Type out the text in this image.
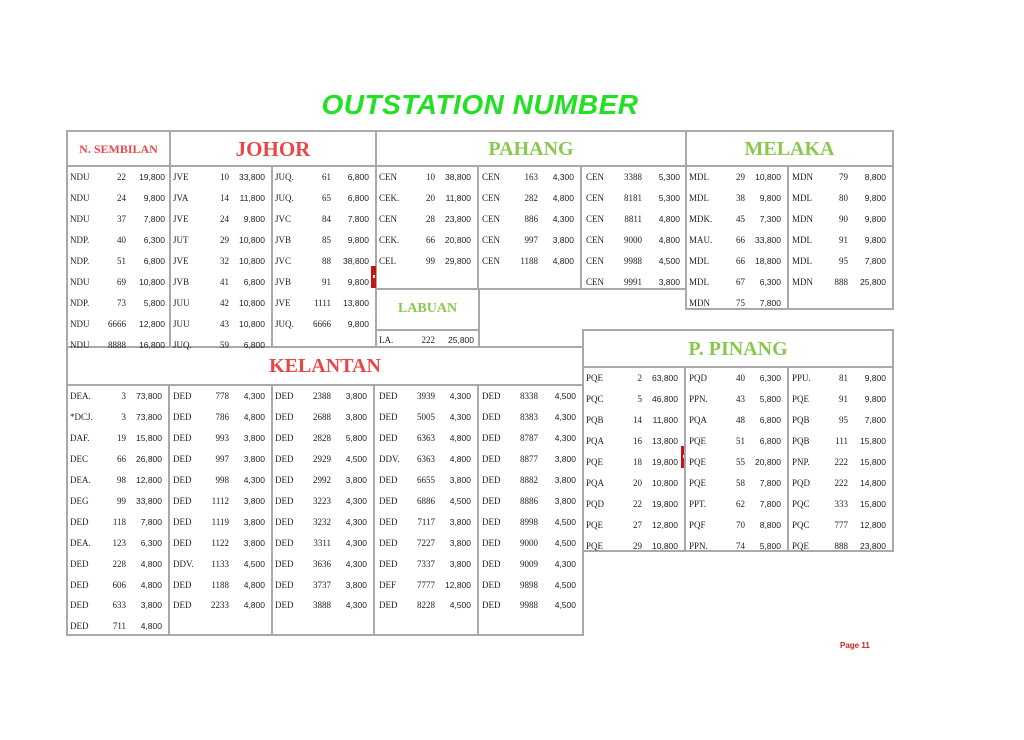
OUTSTATION NUMBER
N. SEMBILAN	JOHOR	PAHANG	MELAKA
LABUAN
KELANTAN
P. PINANG
Page 11
NDU	22	19,800
NDU	24	9,800
NDU	37	7,800
NDP.	40	6,300
NDP.	51	6,800
NDU	69	10,800
NDP.	73	5,800
NDU	6666	12,800
NDU	8888	16,800
JVE	10	33,800
JVA	14	11,800
JVE	24	9,800
JUT	29	10,800
JVE	32	10,800
JVB	41	6,800
JUU	42	10,800
JUU	43	10,800
JUQ.	59	6,800
JUQ.	61	6,800
JUQ.	65	6,800
JVC	84	7,800
JVB	85	9,800
JVC	88	38,800
JVB	91	9,800
JVE	1111	13,800
JUQ.	6666	9,800
CEN	10	38,800
CEK.	20	11,800
CEN	28	23,800
CEK.	66	20,800
CEL	99	29,800
CEN	163	4,300
CEN	282	4,800
CEN	886	4,300
CEN	997	3,800
CEN	1188	4,800
CEN	3388	5,300
CEN	8181	5,300
CEN	8811	4,800
CEN	9000	4,800
CEN	9988	4,500
CEN	9991	3,800
MDL	29	10,800
MDL	38	9,800
MDK.	45	7,300
MAU.	66	33,800
MDL	66	18,800
MDL	67	6,300
MDN	75	7,800
MDN	79	8,800
MDL	80	9,800
MDN	90	9,800
MDL	91	9,800
MDL	95	7,800
MDN	888	25,800
LA.	222	25,800
DEA.	3	73,800
*DCJ.	3	73,800
DAF.	19	15,800
DEC	66	26,800
DEA.	98	12,800
DEG	99	33,800
DED	118	7,800
DEA.	123	6,300
DED	228	4,800
DED	606	4,800
DED	633	3,800
DED	711	4,800
DED	778	4,300
DED	786	4,800
DED	993	3,800
DED	997	3,800
DED	998	4,300
DED	1112	3,800
DED	1119	3,800
DED	1122	3,800
DDV.	1133	4,500
DED	1188	4,800
DED	2233	4,800
DED	2388	3,800
DED	2688	3,800
DED	2828	5,800
DED	2929	4,500
DED	2992	3,800
DED	3223	4,300
DED	3232	4,300
DED	3311	4,300
DED	3636	4,300
DED	3737	3,800
DED	3888	4,300
DED	3939	4,300
DED	5005	4,300
DED	6363	4,800
DDV.	6363	4,800
DED	6655	3,800
DED	6886	4,500
DED	7117	3,800
DED	7227	3,800
DED	7337	3,800
DEF	7777	12,800
DED	8228	4,500
DED	8338	4,500
DED	8383	4,300
DED	8787	4,300
DED	8877	3,800
DED	8882	3,800
DED	8886	3,800
DED	8998	4,500
DED	9000	4,500
DED	9009	4,300
DED	9898	4,500
DED	9988	4,500
PQE	2	63,800
PQC	5	46,800
PQB	14	11,800
PQA	16	13,800
PQE	18	19,800
PQA	20	10,800
PQD	22	19,800
PQE	27	12,800
PQE	29	10,800
PQD	40	6,300
PPN.	43	5,800
PQA	48	6,800
PQE	51	6,800
PQE	55	20,800
PQE	58	7,800
PPT.	62	7,800
PQF	70	8,800
PPN.	74	5,800
PPU.	81	9,800
PQE	91	9,800
PQB	95	7,800
PQB	111	15,800
PNP.	222	15,800
PQD	222	14,800
PQC	333	15,800
PQC	777	12,800
PQE	888	23,800
